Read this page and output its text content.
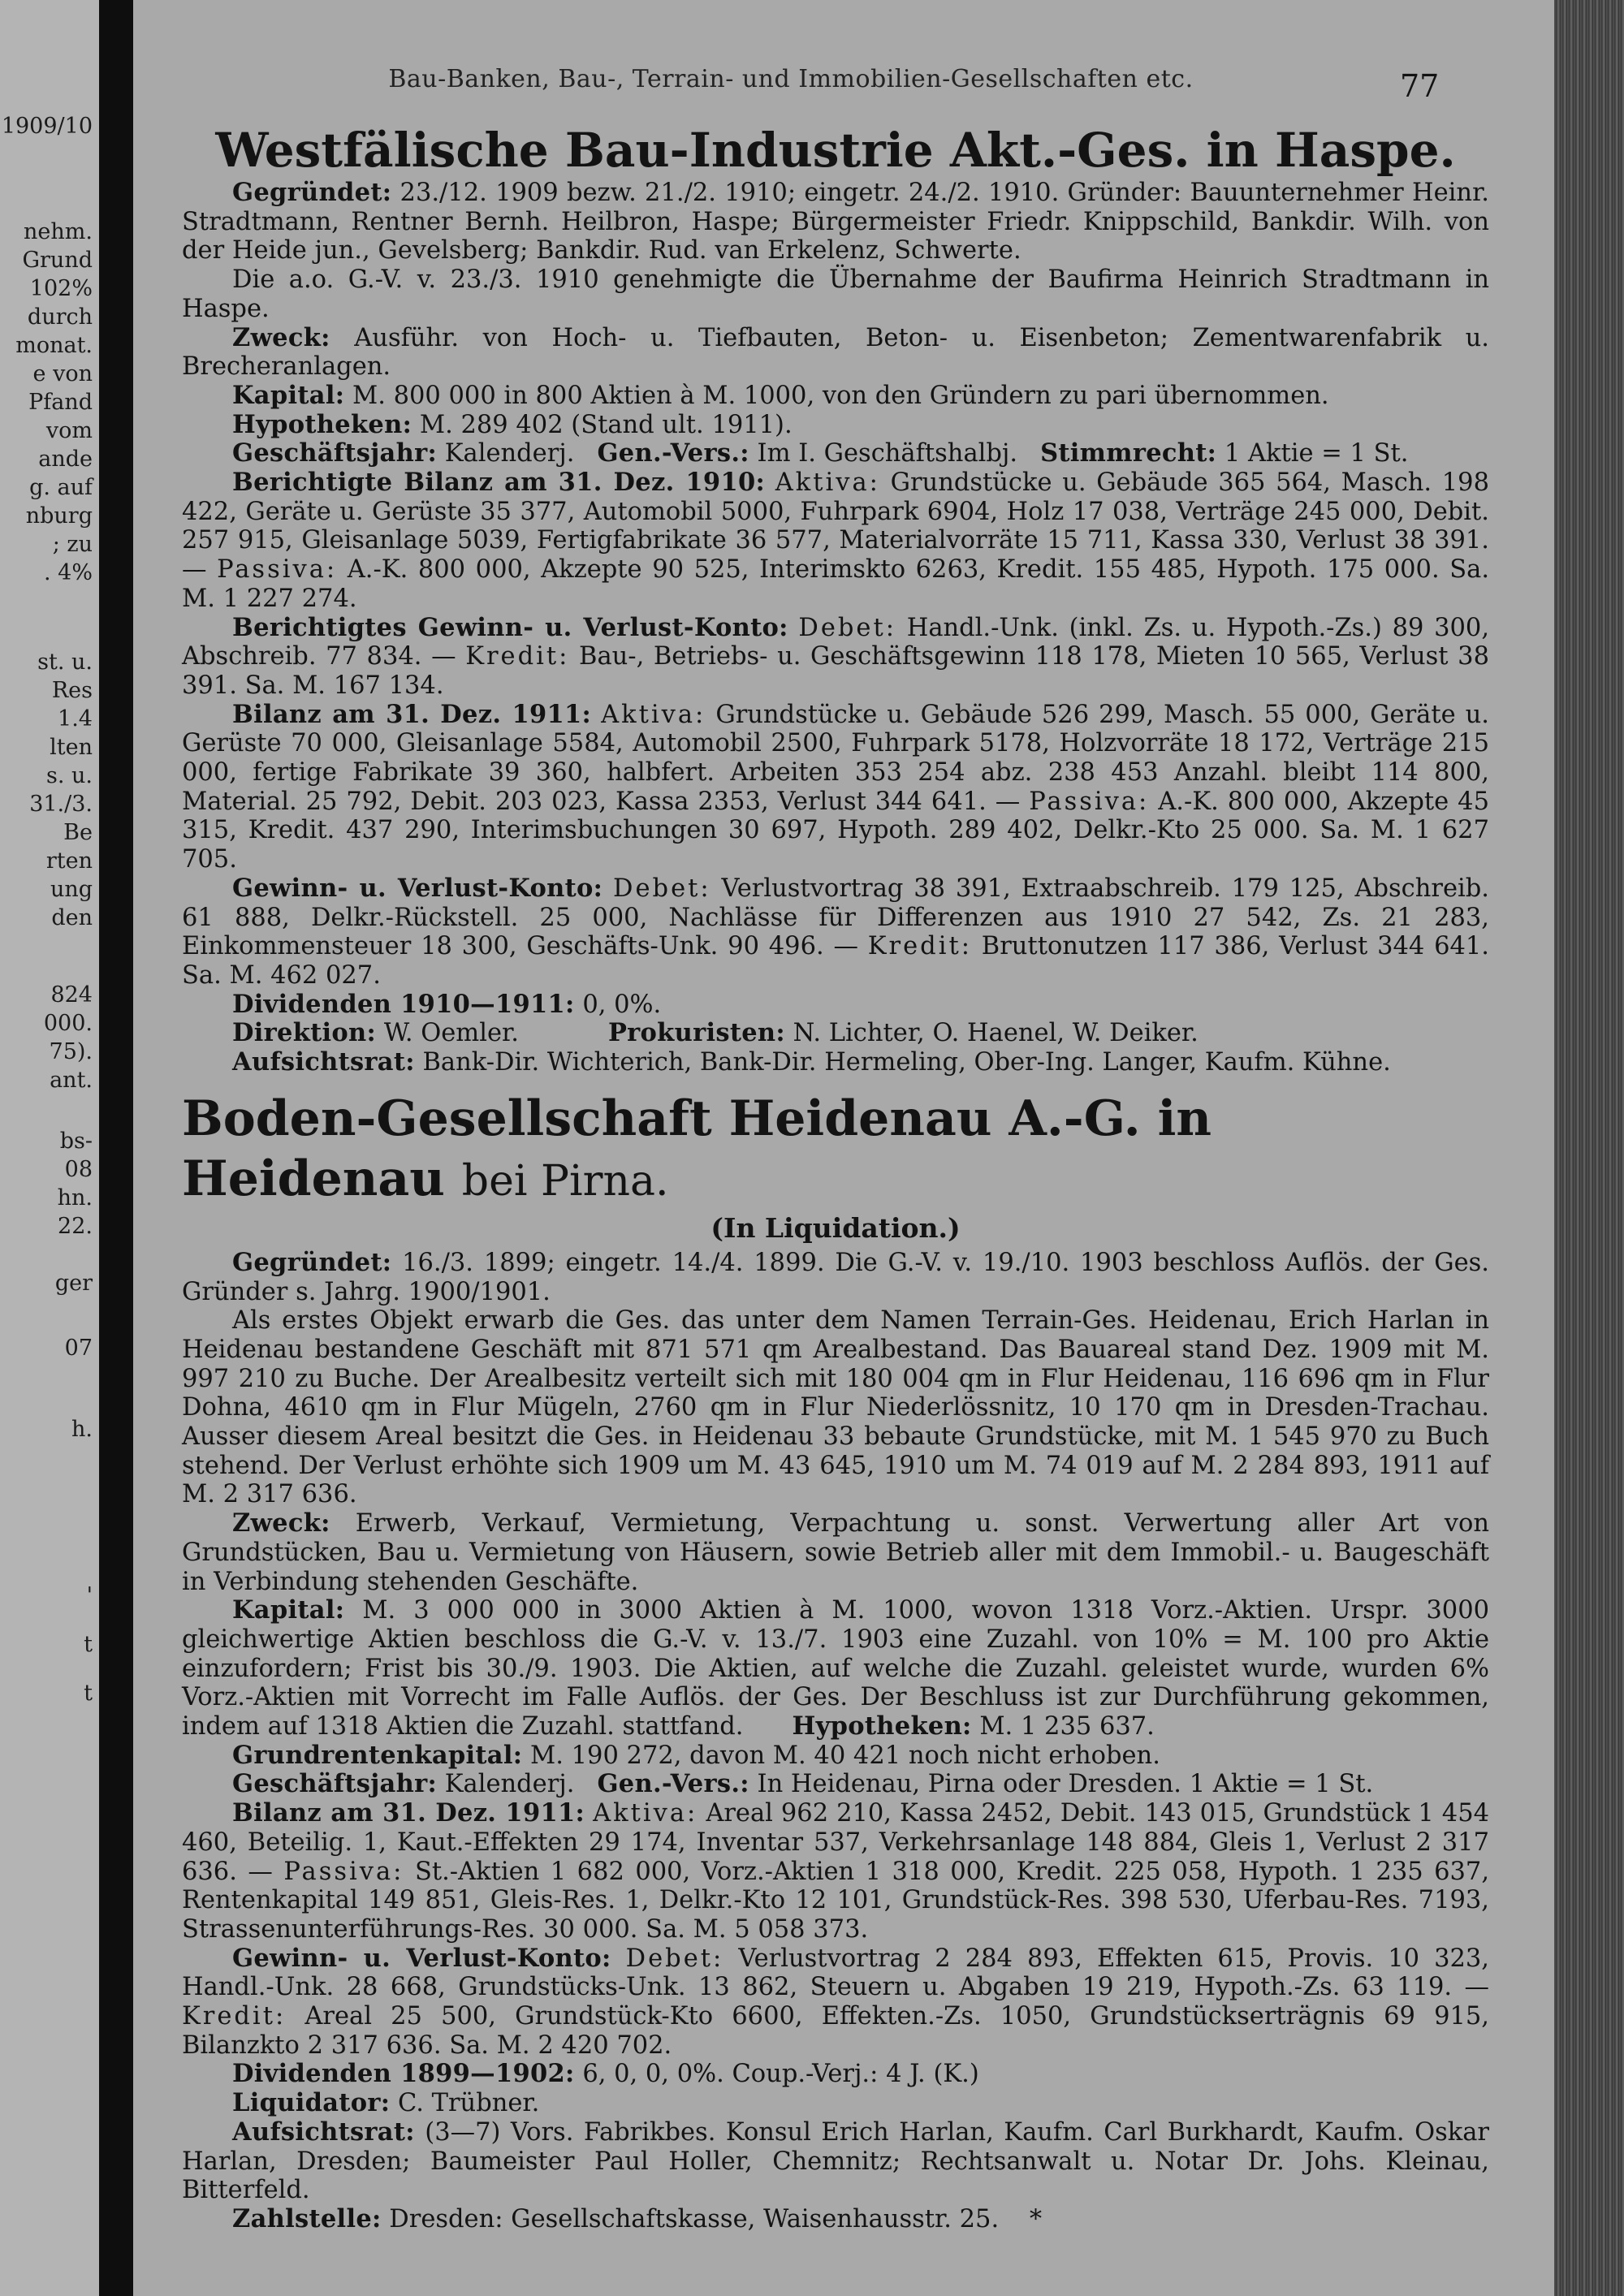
1909/10
nehm.
Grund
102%
durch
monat.
e von
Pfand
vom
ande
g. auf
nburg
; zu
. 4%
st. u.
Res
1.4
lten
s. u.
31./3.
Be
rten
ung
den
824
000.
75).
ant.
bs-
08
hn.
22.
ger
07
h.
'
t
t
Bau-Banken, Bau-, Terrain- und Immobilien-Gesellschaften etc.	77
Westfälische Bau-Industrie Akt.-Ges. in Haspe.

Gegründet: 23./12. 1909 bezw. 21./2. 1910; eingetr. 24./2. 1910. Gründer: Bauunternehmer Heinr. Stradtmann, Rentner Bernh. Heilbron, Haspe; Bürgermeister Friedr. Knippschild, Bankdir. Wilh. von der Heide jun., Gevelsberg; Bankdir. Rud. van Erkelenz, Schwerte.

Die a.o. G.-V. v. 23./3. 1910 genehmigte die Übernahme der Baufirma Heinrich Stradtmann in Haspe.

Zweck: Ausführ. von Hoch- u. Tiefbauten, Beton- u. Eisenbeton; Zementwarenfabrik u. Brecheranlagen.

Kapital: M. 800 000 in 800 Aktien à M. 1000, von den Gründern zu pari übernommen.

Hypotheken: M. 289 402 (Stand ult. 1911).

Geschäftsjahr: Kalenderj. Gen.-Vers.: Im I. Geschäftshalbj. Stimmrecht: 1 Aktie = 1 St.

Berichtigte Bilanz am 31. Dez. 1910: Aktiva: Grundstücke u. Gebäude 365 564, Masch. 198 422, Geräte u. Gerüste 35 377, Automobil 5000, Fuhrpark 6904, Holz 17 038, Verträge 245 000, Debit. 257 915, Gleisanlage 5039, Fertigfabrikate 36 577, Materialvorräte 15 711, Kassa 330, Verlust 38 391. — Passiva: A.-K. 800 000, Akzepte 90 525, Interimskto 6263, Kredit. 155 485, Hypoth. 175 000. Sa. M. 1 227 274.

Berichtigtes Gewinn- u. Verlust-Konto: Debet: Handl.-Unk. (inkl. Zs. u. Hypoth.-Zs.) 89 300, Abschreib. 77 834. — Kredit: Bau-, Betriebs- u. Geschäftsgewinn 118 178, Mieten 10 565, Verlust 38 391. Sa. M. 167 134.

Bilanz am 31. Dez. 1911: Aktiva: Grundstücke u. Gebäude 526 299, Masch. 55 000, Geräte u. Gerüste 70 000, Gleisanlage 5584, Automobil 2500, Fuhrpark 5178, Holzvorräte 18 172, Verträge 215 000, fertige Fabrikate 39 360, halbfert. Arbeiten 353 254 abz. 238 453 Anzahl. bleibt 114 800, Material. 25 792, Debit. 203 023, Kassa 2353, Verlust 344 641. — Passiva: A.-K. 800 000, Akzepte 45 315, Kredit. 437 290, Interimsbuchungen 30 697, Hypoth. 289 402, Delkr.-Kto 25 000. Sa. M. 1 627 705.

Gewinn- u. Verlust-Konto: Debet: Verlustvortrag 38 391, Extraabschreib. 179 125, Abschreib. 61 888, Delkr.-Rückstell. 25 000, Nachlässe für Differenzen aus 1910 27 542, Zs. 21 283, Einkommensteuer 18 300, Geschäfts-Unk. 90 496. — Kredit: Bruttonutzen 117 386, Verlust 344 641. Sa. M. 462 027.

Dividenden 1910—1911: 0, 0%.

Direktion: W. Oemler.	Prokuristen: N. Lichter, O. Haenel, W. Deiker.

Aufsichtsrat: Bank-Dir. Wichterich, Bank-Dir. Hermeling, Ober-Ing. Langer, Kaufm. Kühne.

Boden-Gesellschaft Heidenau A.-G. in Heidenau bei Pirna.

(In Liquidation.)

Gegründet: 16./3. 1899; eingetr. 14./4. 1899. Die G.-V. v. 19./10. 1903 beschloss Auflös. der Ges. Gründer s. Jahrg. 1900/1901.

Als erstes Objekt erwarb die Ges. das unter dem Namen Terrain-Ges. Heidenau, Erich Harlan in Heidenau bestandene Geschäft mit 871 571 qm Arealbestand. Das Bauareal stand Dez. 1909 mit M. 997 210 zu Buche. Der Arealbesitz verteilt sich mit 180 004 qm in Flur Heidenau, 116 696 qm in Flur Dohna, 4610 qm in Flur Mügeln, 2760 qm in Flur Niederlössnitz, 10 170 qm in Dresden-Trachau. Ausser diesem Areal besitzt die Ges. in Heidenau 33 bebaute Grundstücke, mit M. 1 545 970 zu Buch stehend. Der Verlust erhöhte sich 1909 um M. 43 645, 1910 um M. 74 019 auf M. 2 284 893, 1911 auf M. 2 317 636.

Zweck: Erwerb, Verkauf, Vermietung, Verpachtung u. sonst. Verwertung aller Art von Grundstücken, Bau u. Vermietung von Häusern, sowie Betrieb aller mit dem Immobil.- u. Baugeschäft in Verbindung stehenden Geschäfte.

Kapital: M. 3 000 000 in 3000 Aktien à M. 1000, wovon 1318 Vorz.-Aktien. Urspr. 3000 gleichwertige Aktien beschloss die G.-V. v. 13./7. 1903 eine Zuzahl. von 10% = M. 100 pro Aktie einzufordern; Frist bis 30./9. 1903. Die Aktien, auf welche die Zuzahl. geleistet wurde, wurden 6% Vorz.-Aktien mit Vorrecht im Falle Auflös. der Ges. Der Beschluss ist zur Durchführung gekommen, indem auf 1318 Aktien die Zuzahl. stattfand. Hypotheken: M. 1 235 637.

Grundrentenkapital: M. 190 272, davon M. 40 421 noch nicht erhoben.

Geschäftsjahr: Kalenderj. Gen.-Vers.: In Heidenau, Pirna oder Dresden. 1 Aktie = 1 St.

Bilanz am 31. Dez. 1911: Aktiva: Areal 962 210, Kassa 2452, Debit. 143 015, Grundstück 1 454 460, Beteilig. 1, Kaut.-Effekten 29 174, Inventar 537, Verkehrsanlage 148 884, Gleis 1, Verlust 2 317 636. — Passiva: St.-Aktien 1 682 000, Vorz.-Aktien 1 318 000, Kredit. 225 058, Hypoth. 1 235 637, Rentenkapital 149 851, Gleis-Res. 1, Delkr.-Kto 12 101, Grundstück-Res. 398 530, Uferbau-Res. 7193, Strassenunterführungs-Res. 30 000. Sa. M. 5 058 373.

Gewinn- u. Verlust-Konto: Debet: Verlustvortrag 2 284 893, Effekten 615, Provis. 10 323, Handl.-Unk. 28 668, Grundstücks-Unk. 13 862, Steuern u. Abgaben 19 219, Hypoth.-Zs. 63 119. — Kredit: Areal 25 500, Grundstück-Kto 6600, Effekten.-Zs. 1050, Grundstückserträgnis 69 915, Bilanzkto 2 317 636. Sa. M. 2 420 702.

Dividenden 1899—1902: 6, 0, 0, 0%. Coup.-Verj.: 4 J. (K.)

Liquidator: C. Trübner.

Aufsichtsrat: (3—7) Vors. Fabrikbes. Konsul Erich Harlan, Kaufm. Carl Burkhardt, Kaufm. Oskar Harlan, Dresden; Baumeister Paul Holler, Chemnitz; Rechtsanwalt u. Notar Dr. Johs. Kleinau, Bitterfeld.

Zahlstelle: Dresden: Gesellschaftskasse, Waisenhausstr. 25. *
